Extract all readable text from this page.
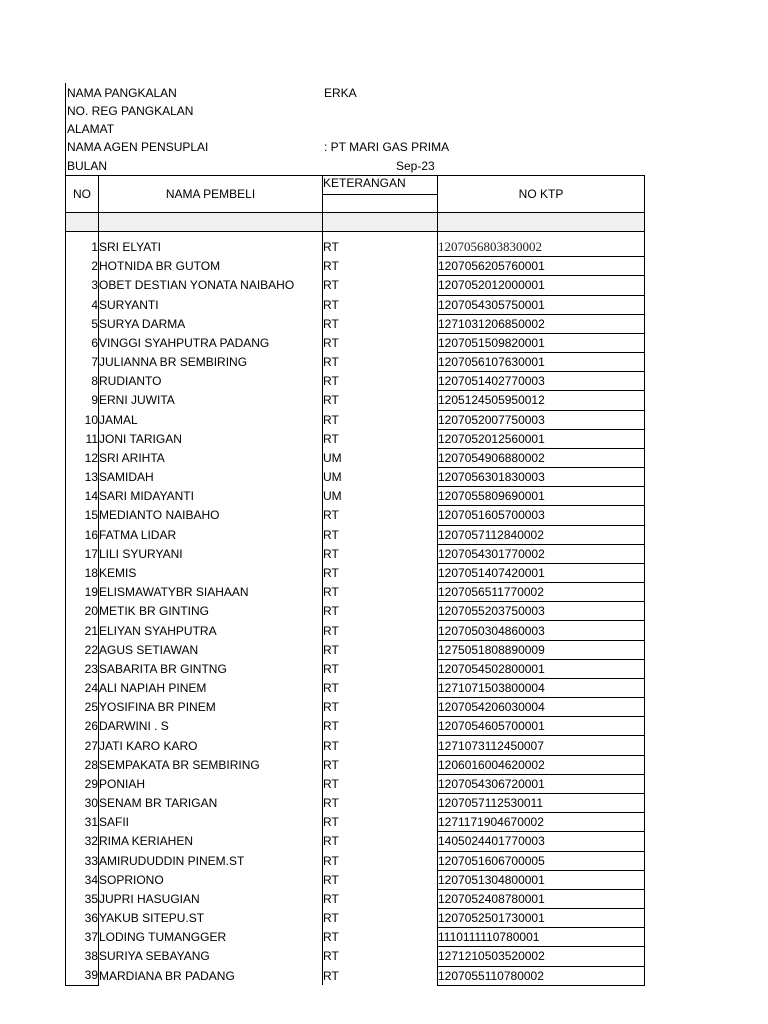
NAMA PANGKALAN	ERKA
NO. REG PANGKALAN
ALAMAT
NAMA AGEN PENSUPLAI	: PT MARI GAS PRIMA
BULAN	Sep-23
NO	NAMA PEMBELI	KETERANGAN	NO KTP

1	SRI ELYATI	RT	1207056803830002
2	HOTNIDA BR GUTOM	RT	1207056205760001
3	OBET DESTIAN YONATA NAIBAHO	RT	1207052012000001
4	SURYANTI	RT	1207054305750001
5	SURYA DARMA	RT	1271031206850002
6	VINGGI SYAHPUTRA PADANG	RT	1207051509820001
7	JULIANNA BR SEMBIRING	RT	1207056107630001
8	RUDIANTO	RT	1207051402770003
9	ERNI JUWITA	RT	1205124505950012
10	JAMAL	RT	1207052007750003
11	JONI TARIGAN	RT	1207052012560001
12	SRI ARIHTA	UM	1207054906880002
13	SAMIDAH	UM	1207056301830003
14	SARI MIDAYANTI	UM	1207055809690001
15	MEDIANTO NAIBAHO	RT	1207051605700003
16	FATMA LIDAR	RT	1207057112840002
17	LILI SYURYANI	RT	1207054301770002
18	KEMIS	RT	1207051407420001
19	ELISMAWATYBR SIAHAAN	RT	1207056511770002
20	METIK BR GINTING	RT	1207055203750003
21	ELIYAN SYAHPUTRA	RT	1207050304860003
22	AGUS SETIAWAN	RT	1275051808890009
23	SABARITA BR GINTNG	RT	1207054502800001
24	ALI NAPIAH PINEM	RT	1271071503800004
25	YOSIFINA BR PINEM	RT	1207054206030004
26	DARWINI . S	RT	1207054605700001
27	JATI KARO KARO	RT	1271073112450007
28	SEMPAKATA BR SEMBIRING	RT	1206016004620002
29	PONIAH	RT	1207054306720001
30	SENAM BR TARIGAN	RT	1207057112530011
31	SAFII	RT	1271171904670002
32	RIMA KERIAHEN	RT	1405024401770003
33	AMIRUDUDDIN PINEM.ST	RT	1207051606700005
34	SOPRIONO	RT	1207051304800001
35	JUPRI HASUGIAN	RT	1207052408780001
36	YAKUB SITEPU.ST	RT	1207052501730001
37	LODING TUMANGGER	RT	1110111110780001
38	SURIYA SEBAYANG	RT	1271210503520002
39	MARDIANA BR PADANG	RT	1207055110780002
